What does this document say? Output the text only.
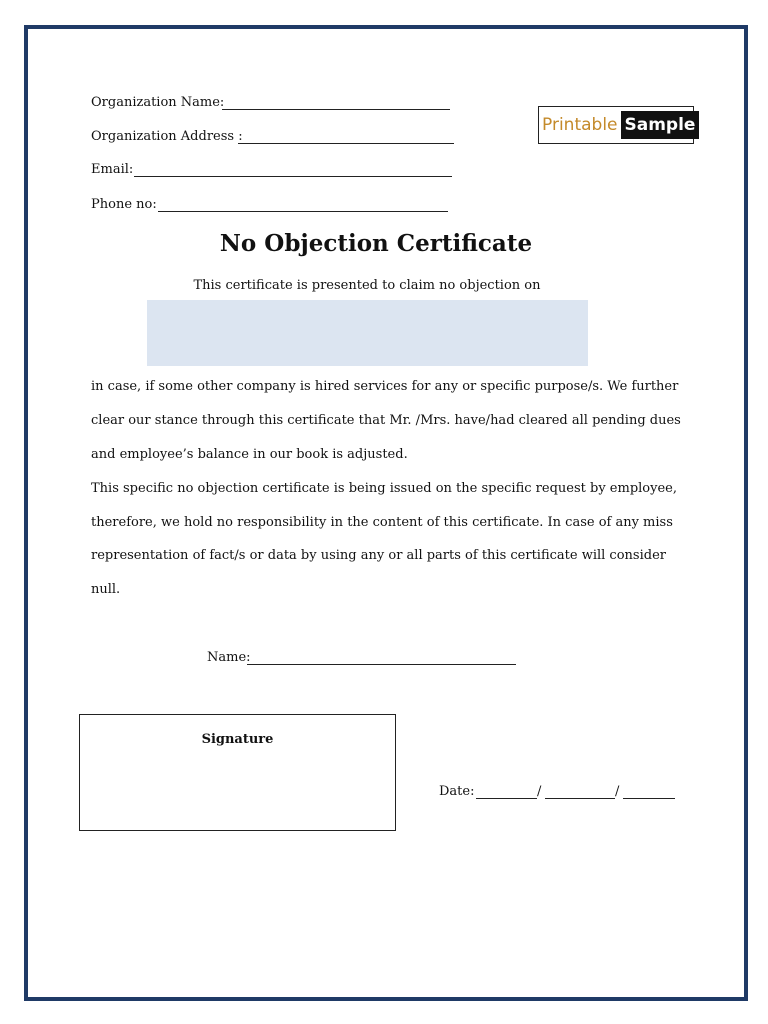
Organization Name:
Organization Address :
Email:
Phone no:
Printable Sample
No Objection Certificate
This certificate is presented to claim no objection on
in case, if some other company is hired services for any or specific purpose/s. We further
clear our stance through this certificate that Mr. /Mrs. have/had cleared all pending dues
and employee’s balance in our book is adjusted.
This specific no objection certificate is being issued on the specific request by employee,
therefore, we hold no responsibility in the content of this certificate. In case of any miss
representation of fact/s or data by using any or all parts of this certificate will consider
null.
Name:
Signature
Date:	/	/
